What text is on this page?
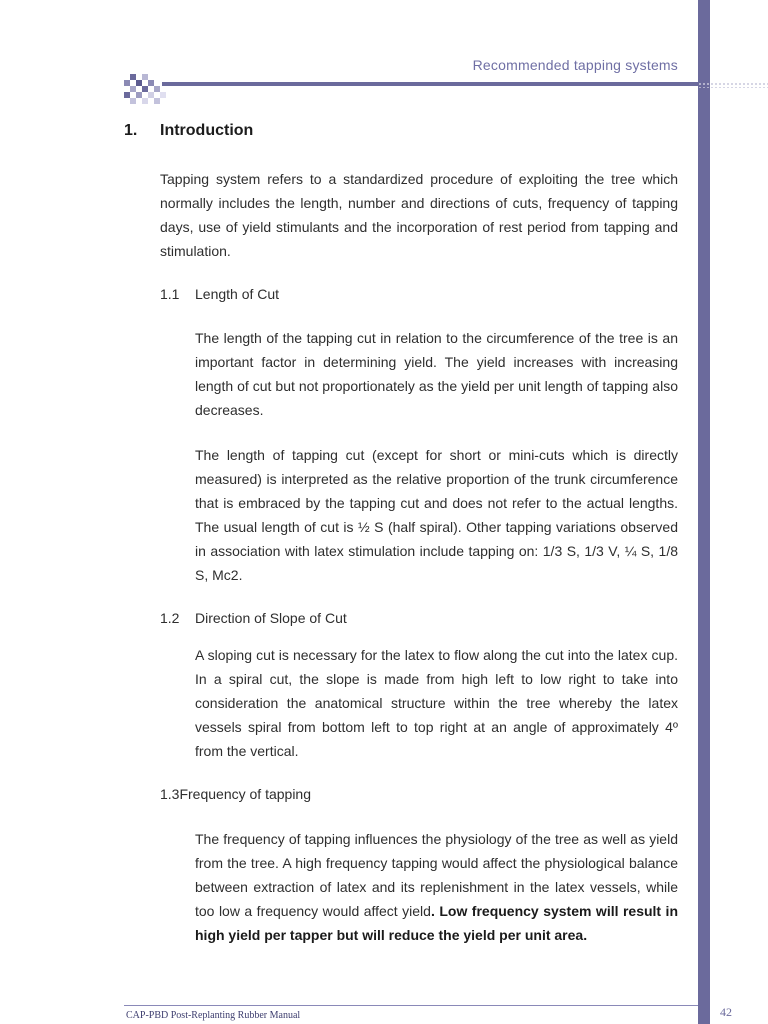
Recommended tapping systems
1. Introduction

Tapping system refers to a standardized procedure of exploiting the tree which normally includes the length, number and directions of cuts, frequency of tapping days, use of yield stimulants and the incorporation of rest period from tapping and stimulation.

1.1 Length of Cut

The length of the tapping cut in relation to the circumference of the tree is an important factor in determining yield. The yield increases with increasing length of cut but not proportionately as the yield per unit length of tapping also decreases.

The length of tapping cut (except for short or mini-cuts which is directly measured) is interpreted as the relative proportion of the trunk circumference that is embraced by the tapping cut and does not refer to the actual lengths. The usual length of cut is ½ S (half spiral). Other tapping variations observed in association with latex stimulation include tapping on: 1/3 S, 1/3 V, ¼ S, 1/8 S, Mc2.

1.2 Direction of Slope of Cut

A sloping cut is necessary for the latex to flow along the cut into the latex cup. In a spiral cut, the slope is made from high left to low right to take into consideration the anatomical structure within the tree whereby the latex vessels spiral from bottom left to top right at an angle of approximately 4º from the vertical.

1.3Frequency of tapping

The frequency of tapping influences the physiology of the tree as well as yield from the tree. A high frequency tapping would affect the physiological balance between extraction of latex and its replenishment in the latex vessels, while too low a frequency would affect yield. Low frequency system will result in high yield per tapper but will reduce the yield per unit area.

CAP-PBD Post-Replanting Rubber Manual	42
